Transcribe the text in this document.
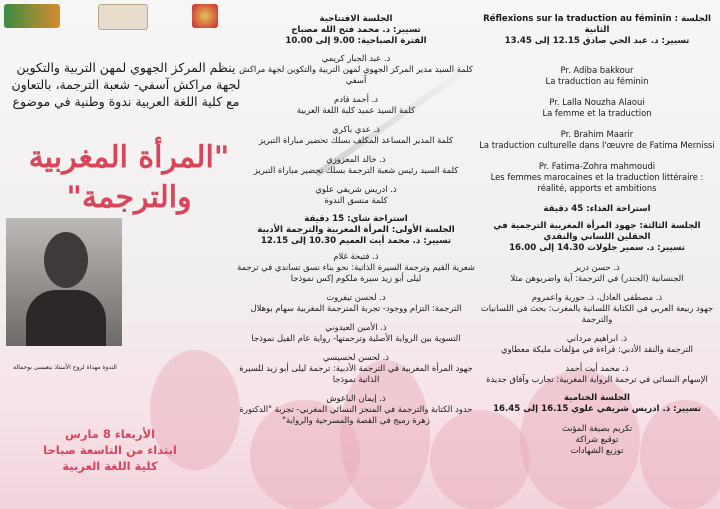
ينظم المركز الجهوي لمهن التربية والتكوين لجهة مراكش آسفي- شعبة الترجمة، بالتعاون مع كلية اللغة العربية ندوة وطنية في موضوع

"المرأة المغربية
والترجمة"

الندوة مهداة لروح الأستاذ بنعيسى بوحمالة

الأربعاء 8 مارس
ابتداء من التاسعة صباحا
كلية اللغة العربية

الجلسة الافتتاحية

تسيير: د. محمد فتح الله مصباح

الفترة الصباحية: 9.00 إلى 10.00

د. عبد الجبار كريمي

كلمة السيد مدير المركز الجهوي لمهن التربية والتكوين لجهة مراكش آسفي

د. أحمد قادم

كلمة السيد عميد كلية اللغة العربية

ذ. عدي باكري

كلمة المدير المساعد المكلف بسلك تحضير مباراة التبريز

ذ. خالد المعزوزي

كلمة السيد رئيس شعبة الترجمة بسلك تحضير مباراة التبريز

ذ. ادريس شريفي علوي

كلمة منسق الندوة

استراحة شاي: 15 دقيقة

الجلسة الأولى: المرأة المغربية والترجمة الأدبية

تسيير: د. محمد أيت العميم 10.30 إلى 12.15

ذ. فتيحة غلام

شعرية القيم وترجمة السيرة الذاتية: نحو بناء نسق تساندي في ترجمة ليلى أبو زيد سيرة ملكوم إكس نموذجا

د. لحسن تيفروت

الترجمة: التزام ووجود- تجربة المترجمة المغربية سهام بوهلال

ذ. الأمين العيدوني

التسوية بين الرواية الأصلية وترجمتها- رواية عام الفيل نموذجا

ذ. لحسن لحسيسي

جهود المرأة المغربية في الترجمة الأدبية: ترجمة ليلى أبو زيد للسيرة الذاتية نموذجا

ذ. إيمان الباعوش

حدود الكتابة والترجمة في المنجز النسائي المغربي- تجربة "الدكتورة زهرة رميج في القصة والمسرحية والرواية"

Réflexions sur la traduction au féminin : الجلسة الثانية

تسيير: د. عبد الحي صادق 12.15 إلى 13.45

Pr. Adiba bakkour

La traduction au féminin

Pr. Lalla Nouzha Alaoui

La femme et la traduction

Pr. Brahim Maarir

La traduction culturelle dans l'œuvre de Fatima Mernissi

Pr. Fatima-Zohra mahmoudi

Les femmes marocaines et la traduction littéraire : réalité, apports et ambitions

استراحة الغذاء: 45 دقيقة

الجلسة الثالثة: جهود المرأة المغربية الترجمية في الحقلين اللساني والنقدي

تسيير: د. سمير جلولات 14.30 إلى 16.00

ذ. حسن درير

الجنسانية (الجندر) في الترجمة: آية واضربوهن مثلا

ذ. مصطفى العادل، ذ. حورية واعمروم

جهود ربيعة العربي في الكتابة اللسانية بالمغرب: بحث في اللسانيات والترجمة

ذ. ابراهيم مرداني

الترجمة والنقد الأدبي: قراءة في مؤلفات مليكة معطاوي

ذ. محمد أيت أحمد

الإسهام النسائي في ترجمة الرواية المغربية: تجارب وآفاق جديدة

الجلسة الختامية

تسيير: ذ. ادريس شريفي علوي 16.15 إلى 16.45

تكريم بصيغة المؤنث

توقيع شراكة

توزيع الشهادات
